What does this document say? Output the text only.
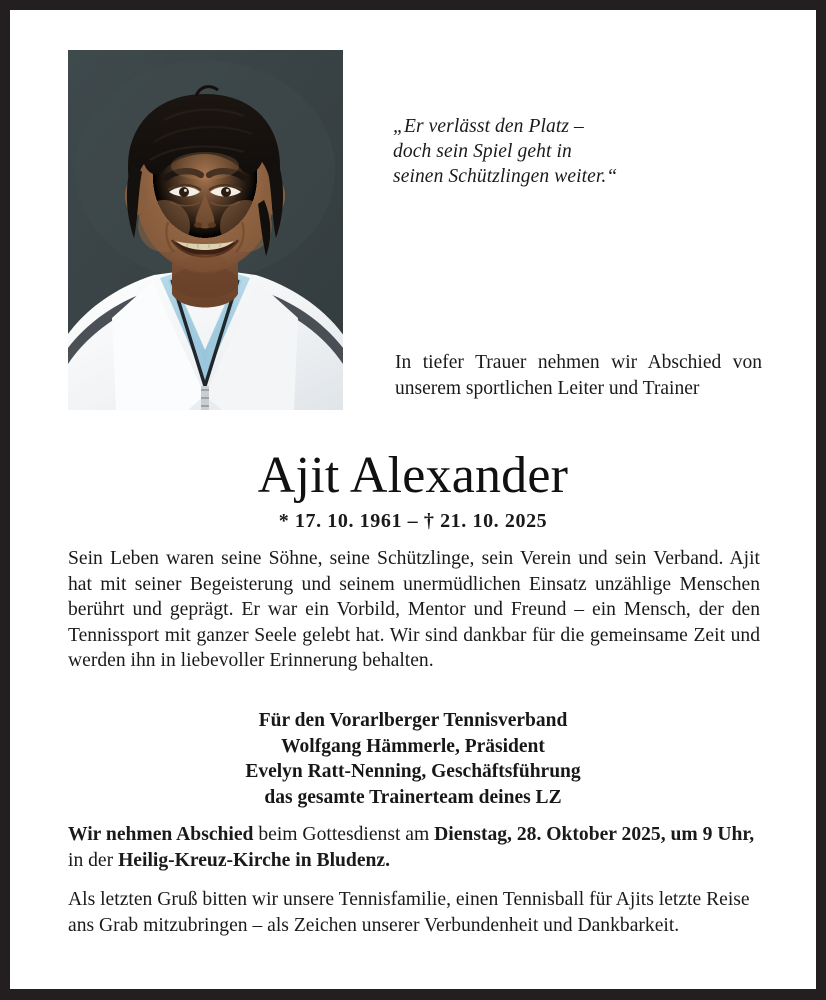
„Er verlässt den Platz –
doch sein Spiel geht in
seinen Schützlingen weiter.“
In tiefer Trauer nehmen wir Abschied von unserem sportlichen Leiter und Trainer
Ajit Alexander
* 17. 10. 1961 – † 21. 10. 2025
Sein Leben waren seine Söhne, seine Schützlinge, sein Verein und sein Verband. Ajit hat mit seiner Begeisterung und seinem unermüdlichen Einsatz unzählige Menschen berührt und geprägt. Er war ein Vorbild, Mentor und Freund – ein Mensch, der den Tennissport mit ganzer Seele gelebt hat. Wir sind dankbar für die gemeinsame Zeit und werden ihn in liebevoller Erinnerung behalten.
Für den Vorarlberger Tennisverband
Wolfgang Hämmerle, Präsident
Evelyn Ratt-Nenning, Geschäftsführung
das gesamte Trainerteam deines LZ
Wir nehmen Abschied beim Gottesdienst am Dienstag, 28. Oktober 2025, um 9 Uhr, in der Heilig-Kreuz-Kirche in Bludenz.
Als letzten Gruß bitten wir unsere Tennisfamilie, einen Tennisball für Ajits letzte Reise ans Grab mitzubringen – als Zeichen unserer Verbundenheit und Dankbarkeit.
